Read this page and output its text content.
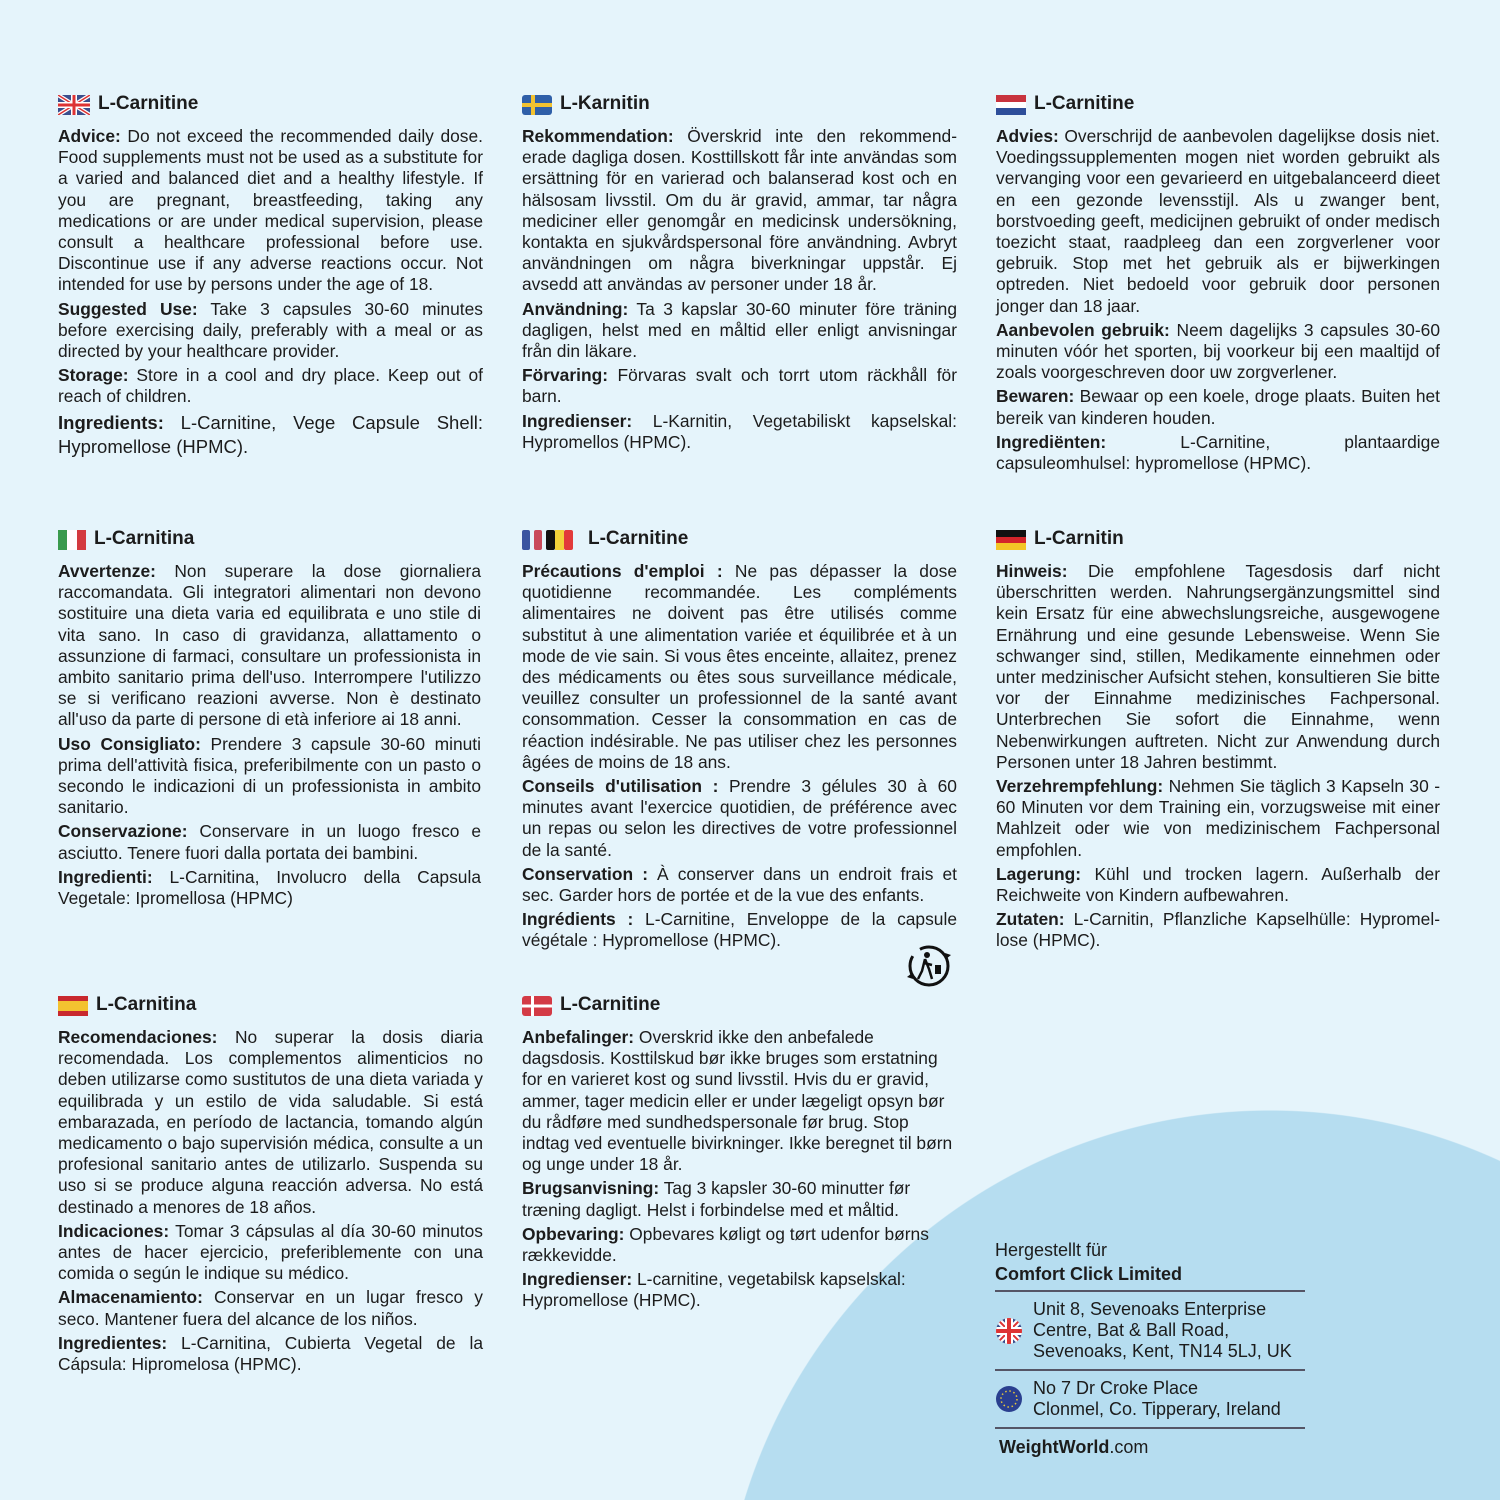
L-Carnitine

Advice: Do not exceed the recommended daily dose. Food supplements must not be used as a substitute for a varied and balanced diet and a healthy lifestyle. If you are pregnant, breastfeeding, taking any medications or are under medical supervision, please consult a healthcare professional before use. Discontinue use if any adverse reactions occur. Not intended for use by persons under the age of 18.

Suggested Use: Take 3 capsules 30-60 minutes before exercising daily, preferably with a meal or as directed by your healthcare provider.

Storage: Store in a cool and dry place. Keep out of reach of children.

Ingredients: L-Carnitine, Vege Capsule Shell: Hypromellose (HPMC).

L-Karnitin

Rekommendation: Överskrid inte den rekommenderade dagliga dosen. Kosttillskott får inte användas som ersättning för en varierad och balanserad kost och en hälsosam livsstil. Om du är gravid, ammar, tar några mediciner eller genomgår en medicinsk undersökning, kontakta en sjukvårdspersonal före användning. Avbryt användningen om några biverkningar uppstår. Ej avsedd att användas av personer under 18 år.

Användning: Ta 3 kapslar 30-60 minuter före träning dagligen, helst med en måltid eller enligt anvisningar från din läkare.

Förvaring: Förvaras svalt och torrt utom räckhåll för barn.

Ingredienser: L-Karnitin, Vegetabiliskt kapselskal: Hypromellos (HPMC).

L-Carnitine

Advies: Overschrijd de aanbevolen dagelijkse dosis niet. Voedingssupplementen mogen niet worden gebruikt als vervanging voor een gevarieerd en uitgebalanceerd dieet en een gezonde levensstijl. Als u zwanger bent, borstvoeding geeft, medicijnen gebruikt of onder medisch toezicht staat, raadpleeg dan een zorgverlener voor gebruik. Stop met het gebruik als er bijwerkingen optreden. Niet bedoeld voor gebruik door personen jonger dan 18 jaar.

Aanbevolen gebruik: Neem dagelijks 3 capsules 30-60 minuten vóór het sporten, bij voorkeur bij een maaltijd of zoals voorgeschreven door uw zorgverlener.

Bewaren: Bewaar op een koele, droge plaats. Buiten het bereik van kinderen houden.

Ingrediënten: L-Carnitine, plantaardige capsuleomhulsel: hypromellose (HPMC).

L-Carnitina

Avvertenze: Non superare la dose giornaliera raccomandata. Gli integratori alimentari non devono sostituire una dieta varia ed equilibrata e uno stile di vita sano. In caso di gravidanza, allattamento o assunzione di farmaci, consultare un professionista in ambito sanitario prima dell'uso. Interrompere l'utilizzo se si verificano reazioni avverse. Non è destinato all'uso da parte di persone di età inferiore ai 18 anni.

Uso Consigliato: Prendere 3 capsule 30-60 minuti prima dell'attività fisica, preferibilmente con un pasto o secondo le indicazioni di un professionista in ambito sanitario.

Conservazione: Conservare in un luogo fresco e asciutto. Tenere fuori dalla portata dei bambini.

Ingredienti: L-Carnitina, Involucro della Capsula Vegetale: Ipromellosa (HPMC)

L-Carnitine

Précautions d'emploi : Ne pas dépasser la dose quotidienne recommandée. Les compléments alimentaires ne doivent pas être utilisés comme substitut à une alimentation variée et équilibrée et à un mode de vie sain. Si vous êtes enceinte, allaitez, prenez des médicaments ou êtes sous surveillance médicale, veuillez consulter un professionnel de la santé avant consommation. Cesser la consommation en cas de réaction indésirable. Ne pas utiliser chez les personnes âgées de moins de 18 ans.

Conseils d'utilisation : Prendre 3 gélules 30 à 60 minutes avant l'exercice quotidien, de préférence avec un repas ou selon les directives de votre professionnel de la santé.

Conservation : À conserver dans un endroit frais et sec. Garder hors de portée et de la vue des enfants.

Ingrédients : L-Carnitine, Enveloppe de la capsule végétale : Hypromellose (HPMC).

L-Carnitin

Hinweis: Die empfohlene Tagesdosis darf nicht überschritten werden. Nahrungsergänzungsmittel sind kein Ersatz für eine abwechslungsreiche, ausgewogene Ernährung und eine gesunde Lebensweise. Wenn Sie schwanger sind, stillen, Medikamente einnehmen oder unter medzinischer Aufsicht stehen, konsultieren Sie bitte vor der Einnahme medizinisches Fachpersonal. Unterbrechen Sie sofort die Einnahme, wenn Nebenwirkungen auftreten. Nicht zur Anwendung durch Personen unter 18 Jahren bestimmt.

Verzehrempfehlung: Nehmen Sie täglich 3 Kapseln 30 - 60 Minuten vor dem Training ein, vorzugsweise mit einer Mahlzeit oder wie von medizinischem Fachpersonal empfohlen.

Lagerung: Kühl und trocken lagern. Außerhalb der Reichweite von Kindern aufbewahren.

Zutaten: L-Carnitin, Pflanzliche Kapselhülle: Hypromellose (HPMC).

L-Carnitina

Recomendaciones: No superar la dosis diaria recomendada. Los complementos alimenticios no deben utilizarse como sustitutos de una dieta variada y equilibrada y un estilo de vida saludable. Si está embarazada, en período de lactancia, tomando algún medicamento o bajo supervisión médica, consulte a un profesional sanitario antes de utilizarlo. Suspenda su uso si se produce alguna reacción adversa. No está destinado a menores de 18 años.

Indicaciones: Tomar 3 cápsulas al día 30-60 minutos antes de hacer ejercicio, preferiblemente con una comida o según le indique su médico.

Almacenamiento: Conservar en un lugar fresco y seco. Mantener fuera del alcance de los niños.

Ingredientes: L-Carnitina, Cubierta Vegetal de la Cápsula: Hipromelosa (HPMC).

L-Carnitine

Anbefalinger: Overskrid ikke den anbefalede dagsdosis. Kosttilskud bør ikke bruges som erstatning for en varieret kost og sund livsstil. Hvis du er gravid, ammer, tager medicin eller er under lægeligt opsyn bør du rådføre med sundhedspersonale før brug. Stop indtag ved eventuelle bivirkninger. Ikke beregnet til børn og unge under 18 år.

Brugsanvisning: Tag 3 kapsler 30-60 minutter før træning dagligt. Helst i forbindelse med et måltid.

Opbevaring: Opbevares køligt og tørt udenfor børns rækkevidde.

Ingredienser: L-carnitine, vegetabilsk kapselskal: Hypromellose (HPMC).

Hergestellt für
Comfort Click Limited
Unit 8, Sevenoaks Enterprise
Centre, Bat & Ball Road,
Sevenoaks, Kent, TN14 5LJ, UK
No 7 Dr Croke Place
Clonmel, Co. Tipperary, Ireland
WeightWorld.com
